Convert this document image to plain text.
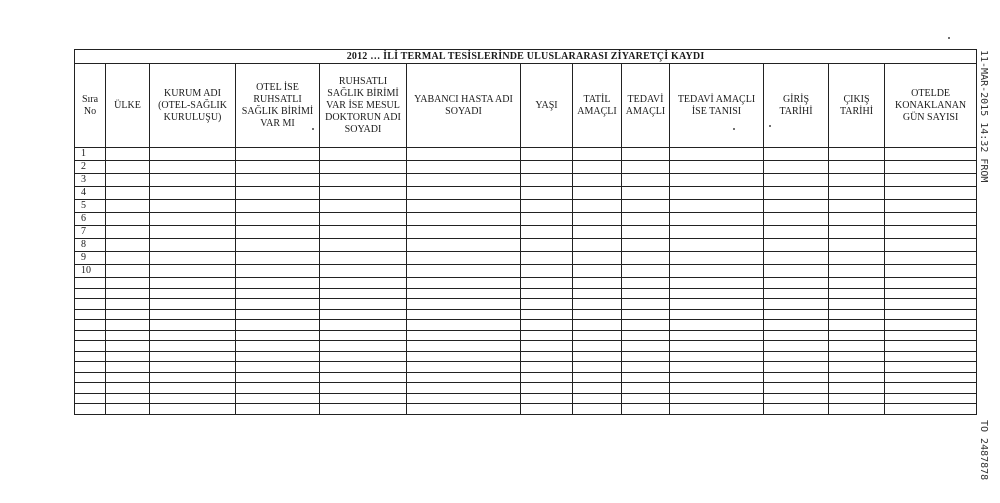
2012 … İLİ TERMAL TESİSLERİNDE ULUSLARARASI ZİYARETÇİ KAYDI												
Sıra No	ÜLKE	KURUM ADI (OTEL-SAĞLIK KURULUŞU)	OTEL İSE RUHSATLI SAĞLIK BİRİMİ VAR MI	RUHSATLI SAĞLIK BİRİMİ VAR İSE MESUL DOKTORUN ADI SOYADI	YABANCI HASTA ADI SOYADI	YAŞI	TATİL AMAÇLI	TEDAVİ AMAÇLI	TEDAVİ AMAÇLI İSE TANISI	GİRİŞ TARİHİ	ÇIKIŞ TARİHİ	OTELDE KONAKLANAN GÜN SAYISI
1												
2												
3												
4												
5												
6												
7												
8												
9												
10												

11-MAR-2015 14:32 FROM
TO 2487878
